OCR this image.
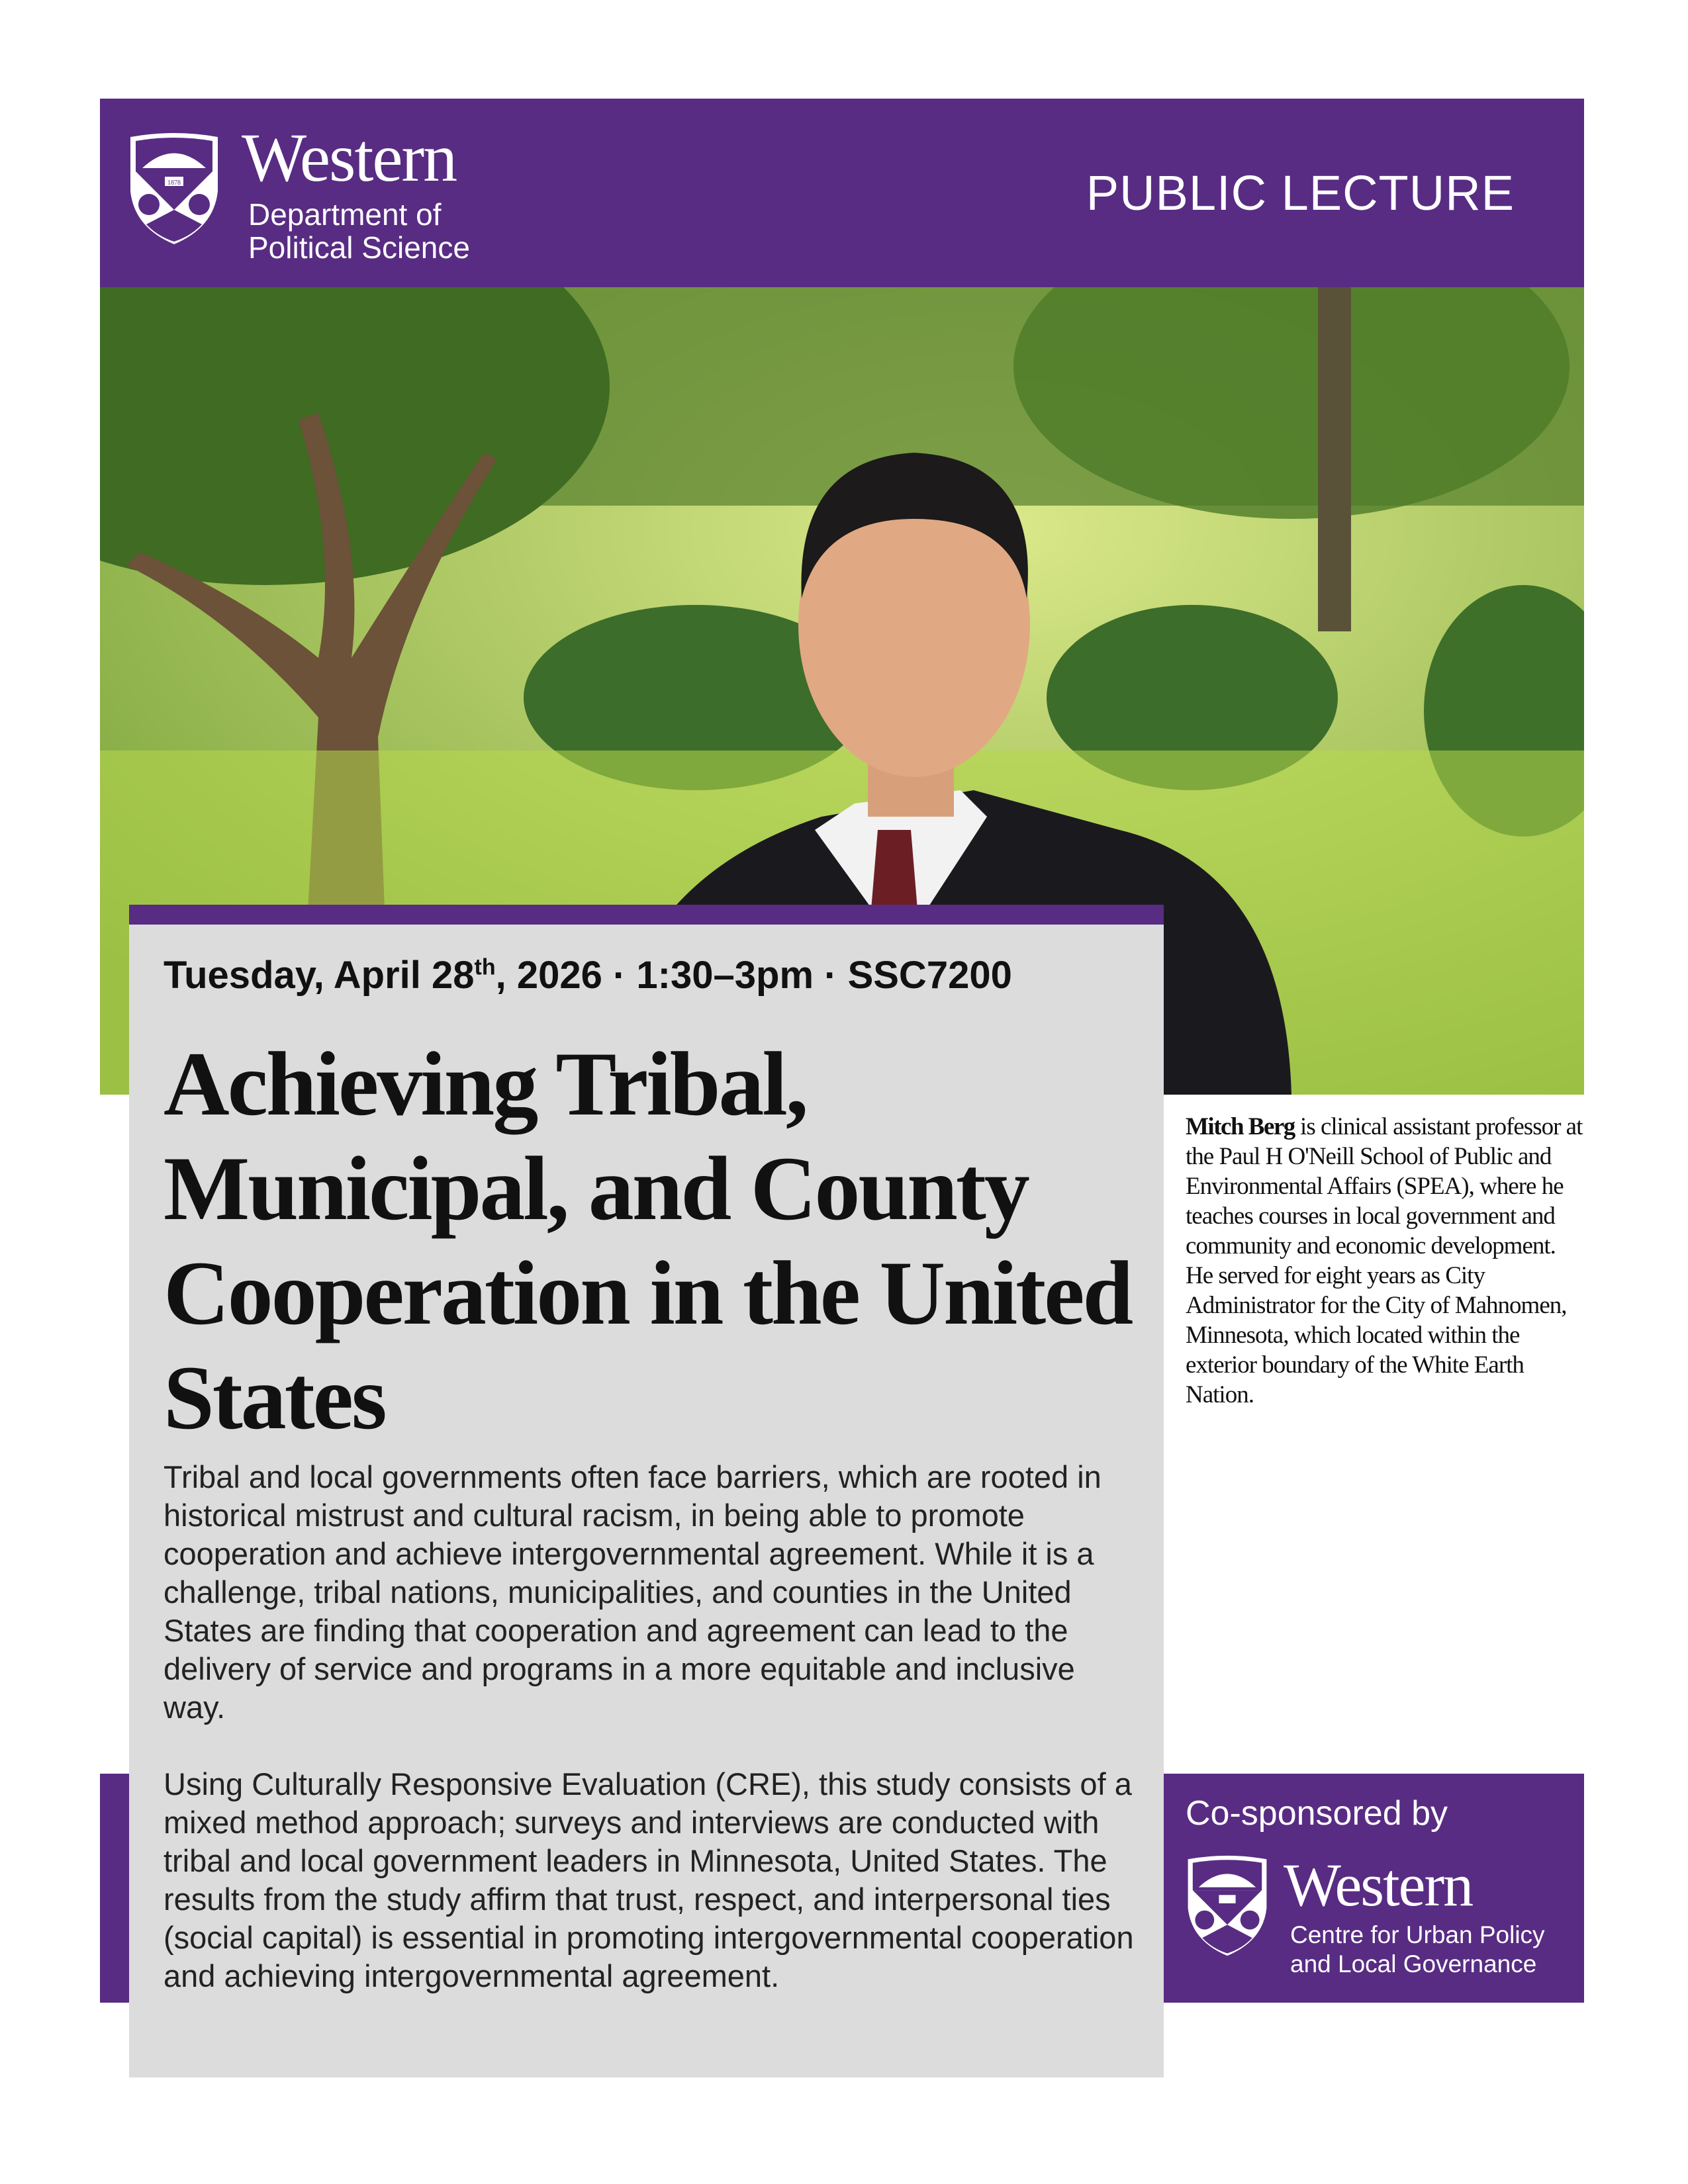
1878 Western
Department of
Political Science
PUBLIC LECTURE
Mitch Berg is clinical assistant professor at the Paul H O'Neill School of Public and Environmental Affairs (SPEA), where he teaches courses in local government and community and economic development. He served for eight years as City Administrator for the City of Mahnomen, Minnesota, which located within the exterior boundary of the White Earth Nation.
Co-sponsored by
Western
Centre for Urban Policy
and Local Governance
Tuesday, April 28th, 2026 · 1:30–3pm · SSC7200
Achieving Tribal, Municipal, and County Cooperation in the United States
Tribal and local governments often face barriers, which are rooted in historical mistrust and cultural racism, in being able to promote cooperation and achieve intergovernmental agreement. While it is a challenge, tribal nations, municipalities, and counties in the United States are finding that cooperation and agreement can lead to the delivery of service and programs in a more equitable and inclusive way.
Using Culturally Responsive Evaluation (CRE), this study consists of a mixed method approach; surveys and interviews are conducted with tribal and local government leaders in Minnesota, United States. The results from the study affirm that trust, respect, and interpersonal ties (social capital) is essential in promoting intergovernmental cooperation and achieving intergovernmental agreement.
